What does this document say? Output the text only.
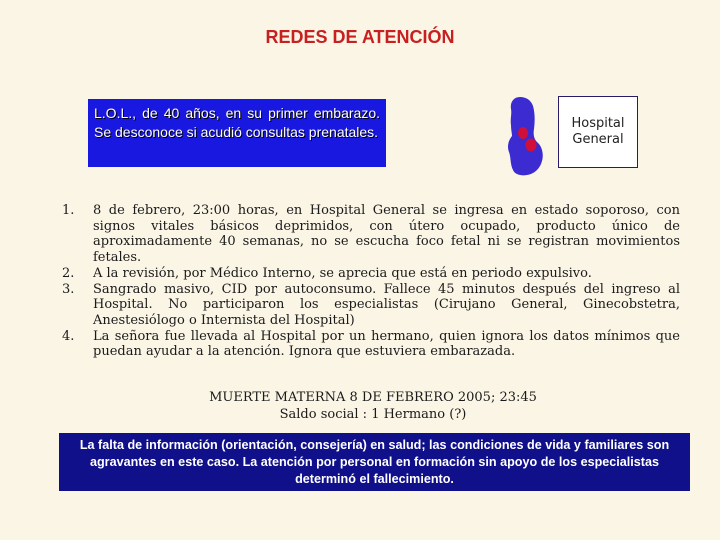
REDES DE ATENCIÓN
L.O.L., de 40 años, en su primer embarazo. Se desconoce si acudió consultas prenatales.
Hospital
General
1. 8 de febrero, 23:00 horas, en Hospital General se ingresa en estado soporoso, con signos vitales básicos deprimidos, con útero ocupado, producto único de aproximadamente 40 semanas, no se escucha foco fetal ni se registran movimientos fetales.
2. A la revisión, por Médico Interno, se aprecia que está en periodo expulsivo.
3. Sangrado masivo, CID por autoconsumo. Fallece 45 minutos después del ingreso al Hospital. No participaron los especialistas (Cirujano General, Ginecobstetra, Anestesiólogo o Internista del Hospital)
4. La señora fue llevada al Hospital por un hermano, quien ignora los datos mínimos que puedan ayudar a la atención. Ignora que estuviera embarazada.
MUERTE MATERNA 8 DE FEBRERO 2005; 23:45
Saldo social : 1 Hermano (?)
La falta de información (orientación, consejería) en salud; las condiciones de vida y familiares son agravantes en este caso. La atención por personal en formación sin apoyo de los especialistas determinó el fallecimiento.
